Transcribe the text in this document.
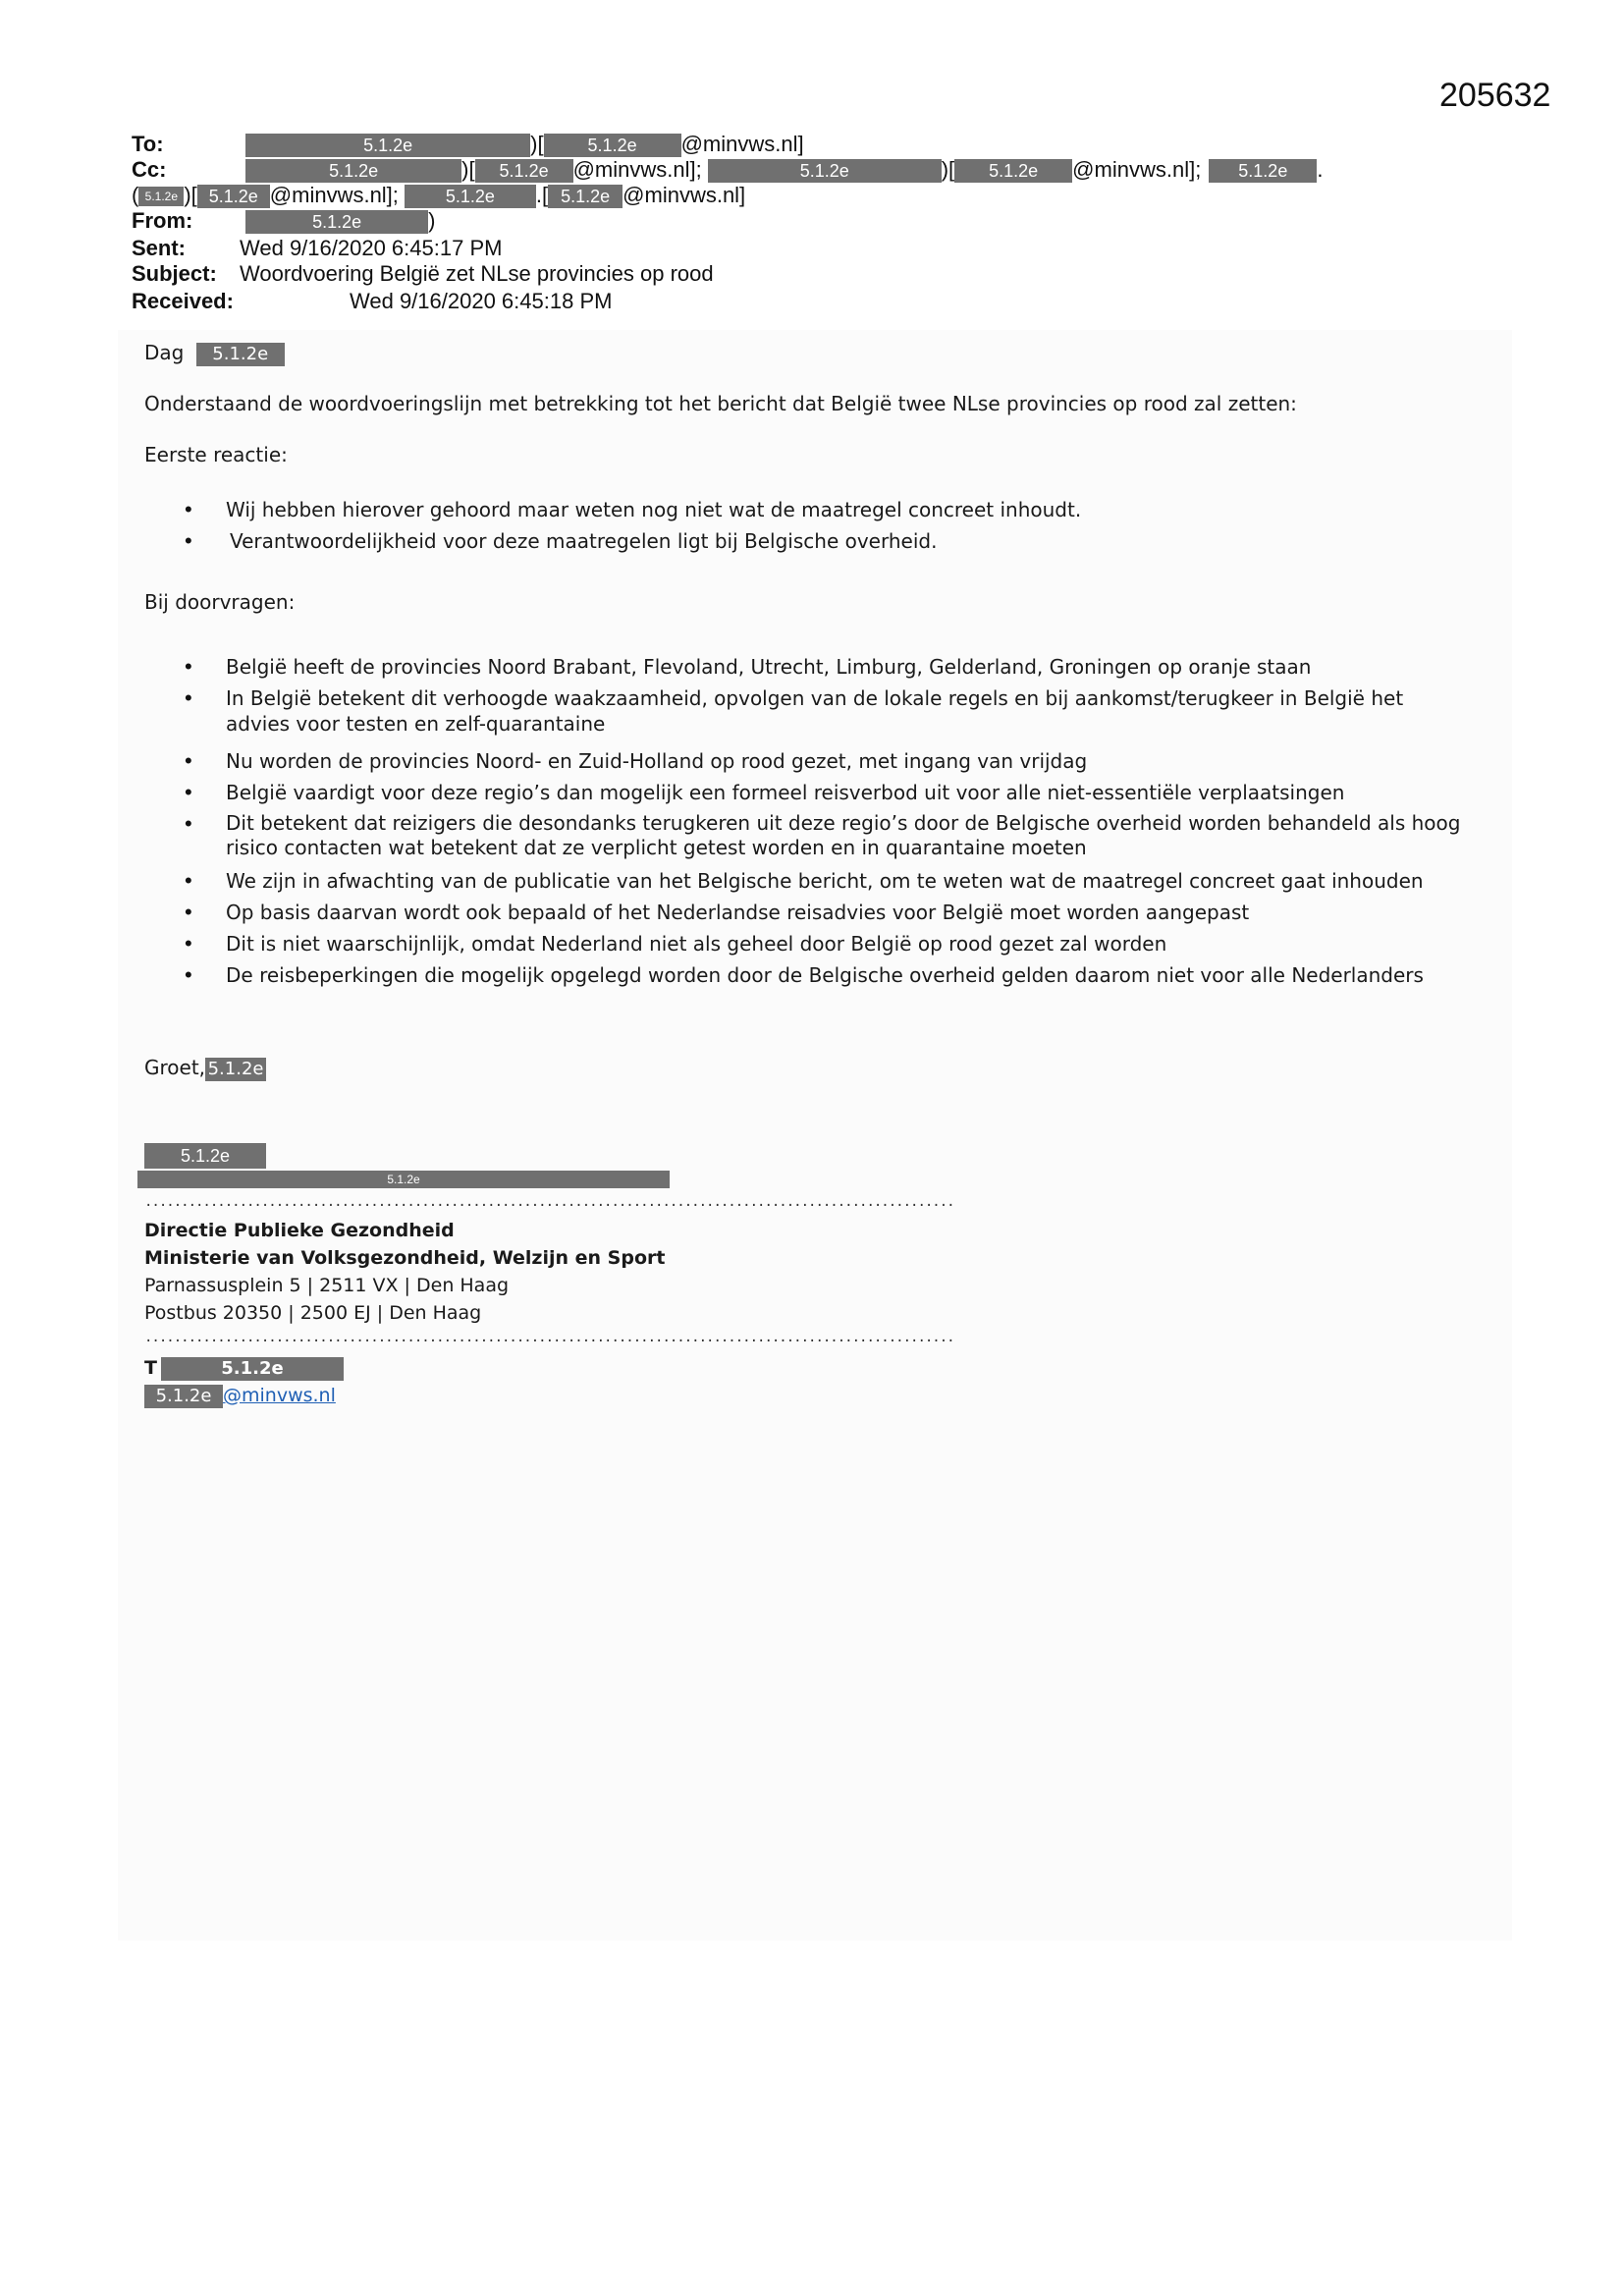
205632
To:	5.1.2e	)[ 5.1.2e @minvws.nl]
Cc:	5.1.2e	)[ 5.1.2e @minvws.nl];	5.1.2e	)[ 5.1.2e @minvws.nl]; 5.1.2e .
( 5.1.2e )[ 5.1.2e @minvws.nl];	5.1.2e .[ 5.1.2e @minvws.nl]
From:	5.1.2e	)
Sent:	Wed 9/16/2020 6:45:17 PM
Subject: Woordvoering België zet NLse provincies op rood
Received:	Wed 9/16/2020 6:45:18 PM
Dag 5.1.2e
Onderstaand de woordvoeringslijn met betrekking tot het bericht dat België twee NLse provincies op rood zal zetten:
Eerste reactie:
• Wij hebben hierover gehoord maar weten nog niet wat de maatregel concreet inhoudt.
• Verantwoordelijkheid voor deze maatregelen ligt bij Belgische overheid.
Bij doorvragen:
• België heeft de provincies Noord Brabant, Flevoland, Utrecht, Limburg, Gelderland, Groningen op oranje staan
• In België betekent dit verhoogde waakzaamheid, opvolgen van de lokale regels en bij aankomst/terugkeer in België het advies voor testen en zelf-quarantaine
• Nu worden de provincies Noord- en Zuid-Holland op rood gezet, met ingang van vrijdag
• België vaardigt voor deze regio’s dan mogelijk een formeel reisverbod uit voor alle niet-essentiële verplaatsingen
• Dit betekent dat reizigers die desondanks terugkeren uit deze regio’s door de Belgische overheid worden behandeld als hoog risico contacten wat betekent dat ze verplicht getest worden en in quarantaine moeten
• We zijn in afwachting van de publicatie van het Belgische bericht, om te weten wat de maatregel concreet gaat inhouden
• Op basis daarvan wordt ook bepaald of het Nederlandse reisadvies voor België moet worden aangepast
• Dit is niet waarschijnlijk, omdat Nederland niet als geheel door België op rood gezet zal worden
• De reisbeperkingen die mogelijk opgelegd worden door de Belgische overheid gelden daarom niet voor alle Nederlanders
Groet, 5.1.2e
5.1.2e
5.1.2e
...............................................................................................................
Directie Publieke Gezondheid
Ministerie van Volksgezondheid, Welzijn en Sport
Parnassusplein 5 | 2511 VX | Den Haag
Postbus 20350 | 2500 EJ | Den Haag
...............................................................................................................
T	5.1.2e
5.1.2e @minvws.nl
